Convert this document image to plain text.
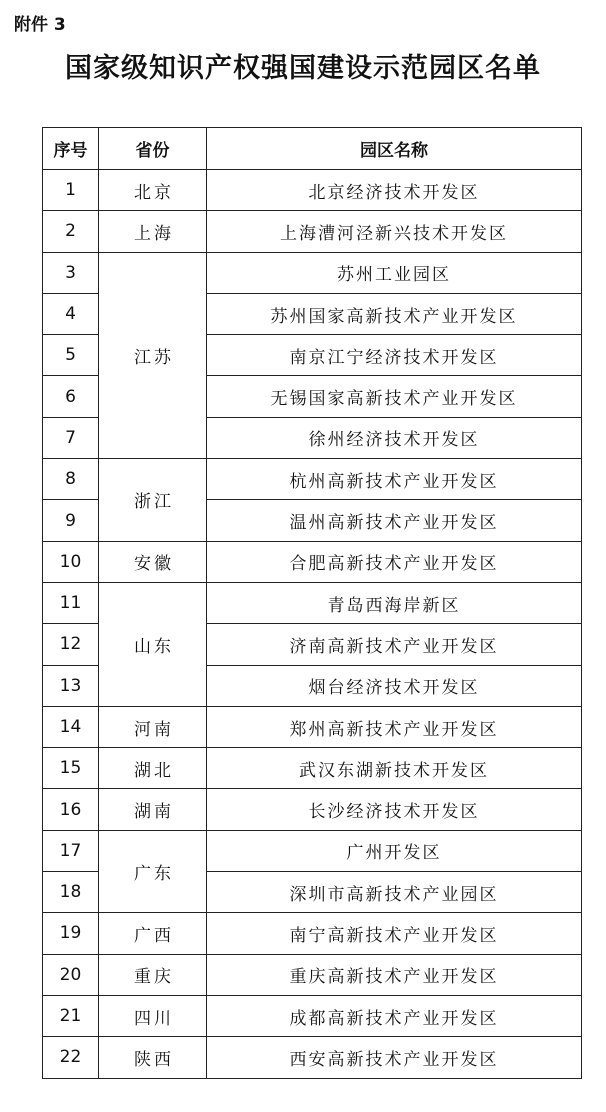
附件 3
国家级知识产权强国建设示范园区名单
序号	省份	园区名称
1	北京	北京经济技术开发区
2	上海	上海漕河泾新兴技术开发区
3	江苏	苏州工业园区
4		苏州国家高新技术产业开发区
5		南京江宁经济技术开发区
6		无锡国家高新技术产业开发区
7		徐州经济技术开发区
8	浙江	杭州高新技术产业开发区
9		温州高新技术产业开发区
10	安徽	合肥高新技术产业开发区
11	山东	青岛西海岸新区
12		济南高新技术产业开发区
13		烟台经济技术开发区
14	河南	郑州高新技术产业开发区
15	湖北	武汉东湖新技术开发区
16	湖南	长沙经济技术开发区
17	广东	广州开发区
18		深圳市高新技术产业园区
19	广西	南宁高新技术产业开发区
20	重庆	重庆高新技术产业开发区
21	四川	成都高新技术产业开发区
22	陕西	西安高新技术产业开发区
